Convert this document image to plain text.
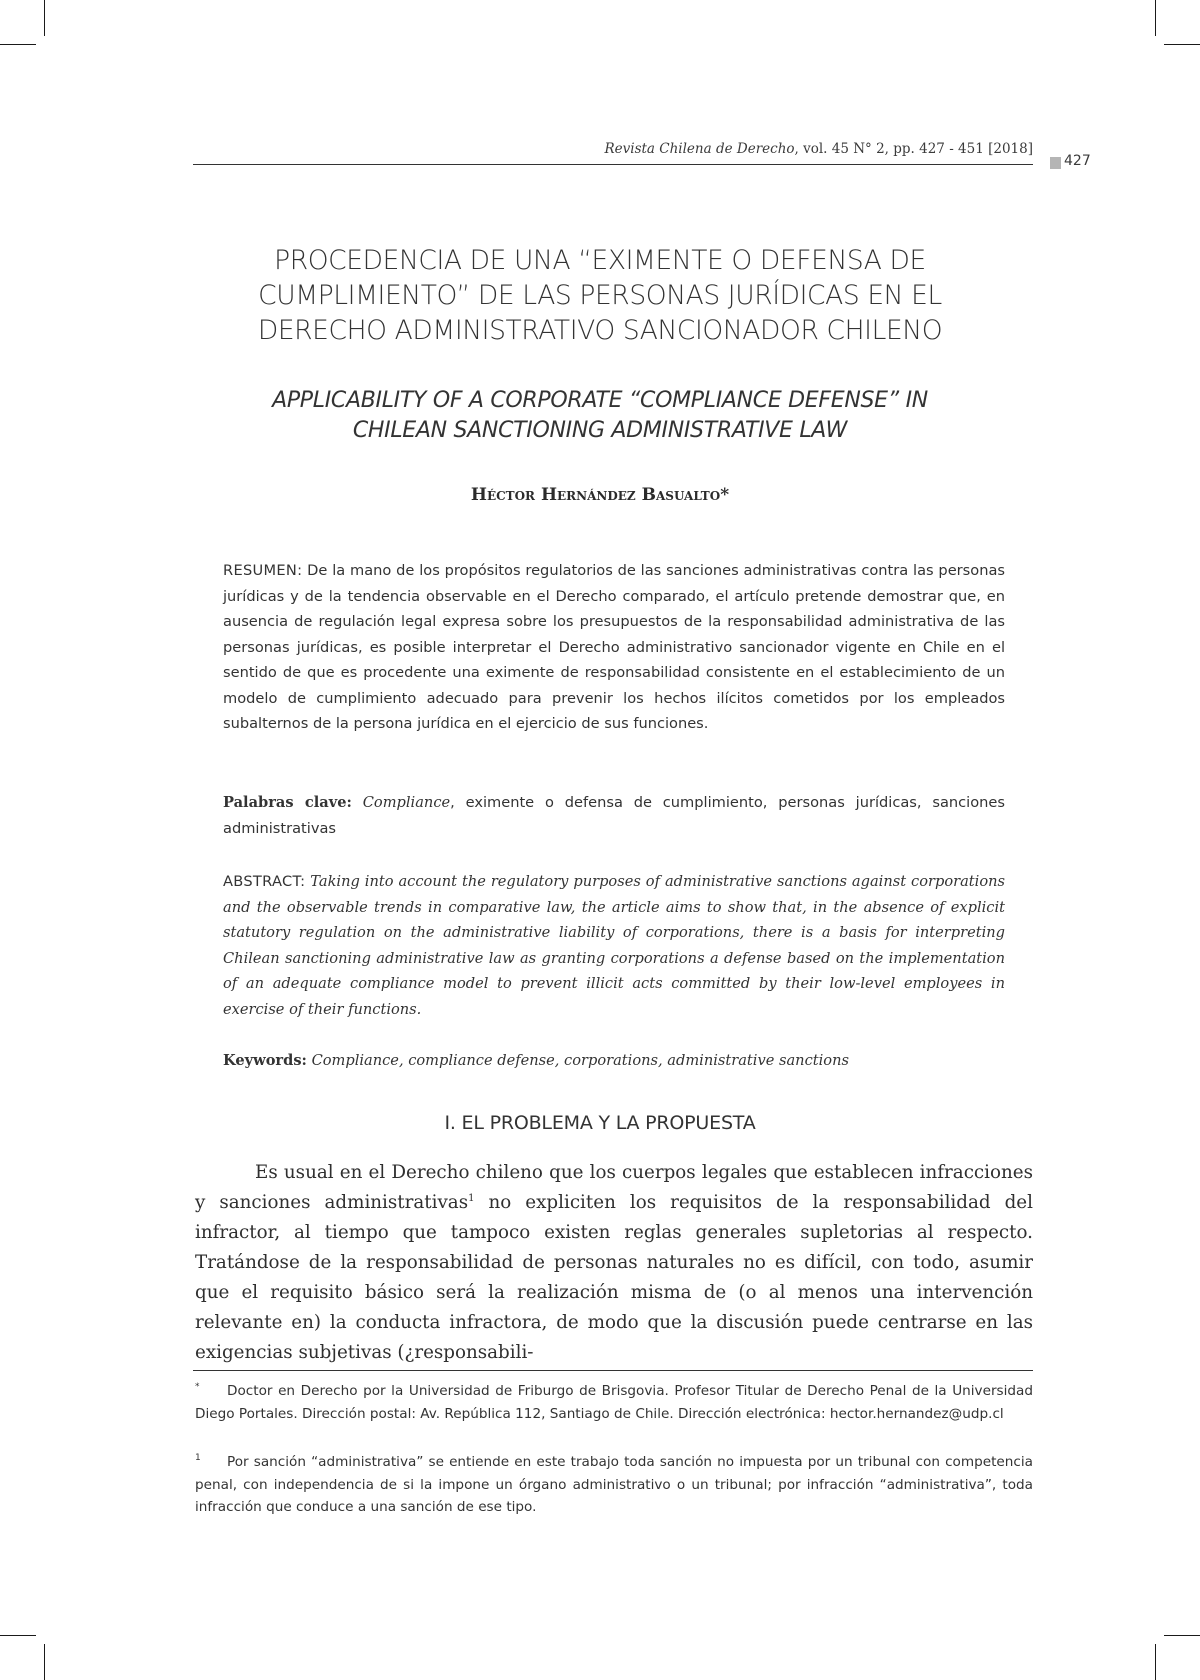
Revista Chilena de Derecho, vol. 45 N° 2, pp. 427 - 451 [2018]
427
PROCEDENCIA DE UNA “EXIMENTE O DEFENSA DE
CUMPLIMIENTO” DE LAS PERSONAS JURÍDICAS EN EL
DERECHO ADMINISTRATIVO SANCIONADOR CHILENO
APPLICABILITY OF A CORPORATE “COMPLIANCE DEFENSE” IN
CHILEAN SANCTIONING ADMINISTRATIVE LAW
Héctor Hernández Basualto*
RESUMEN: De la mano de los propósitos regulatorios de las sanciones administrativas contra las personas jurídicas y de la tendencia observable en el Derecho comparado, el artículo pretende demostrar que, en ausencia de regulación legal expresa sobre los presupuestos de la responsabilidad administrativa de las personas jurídicas, es posible interpretar el Derecho administrativo sancionador vigente en Chile en el sentido de que es procedente una eximente de responsabilidad consistente en el establecimiento de un modelo de cumplimiento adecuado para prevenir los hechos ilícitos cometidos por los empleados subalternos de la persona jurídica en el ejercicio de sus funciones.
Palabras clave: Compliance, eximente o defensa de cumplimiento, personas jurídicas, sanciones administrativas
ABSTRACT: Taking into account the regulatory purposes of administrative sanctions against corporations and the observable trends in comparative law, the article aims to show that, in the absence of explicit statutory regulation on the administrative liability of corporations, there is a basis for interpreting Chilean sanctioning administrative law as granting corporations a defense based on the implementation of an adequate compliance model to prevent illicit acts committed by their low-level employees in exercise of their functions.
Keywords: Compliance, compliance defense, corporations, administrative sanctions
I. EL PROBLEMA Y LA PROPUESTA
Es usual en el Derecho chileno que los cuerpos legales que establecen infracciones y sanciones administrativas$^1$ no expliciten los requisitos de la responsabilidad del infractor, al tiempo que tampoco existen reglas generales supletorias al respecto. Tratándose de la responsabilidad de personas naturales no es difícil, con todo, asumir que el requisito básico será la realización misma de (o al menos una intervención relevante en) la conducta infractora, de modo que la discusión puede centrarse en las exigencias subjetivas (¿responsabili-
* Doctor en Derecho por la Universidad de Friburgo de Brisgovia. Profesor Titular de Derecho Penal de la Universidad Diego Portales. Dirección postal: Av. República 112, Santiago de Chile. Dirección electrónica: hector.hernandez@udp.cl
1 Por sanción “administrativa” se entiende en este trabajo toda sanción no impuesta por un tribunal con competencia penal, con independencia de si la impone un órgano administrativo o un tribunal; por infracción “administrativa”, toda infracción que conduce a una sanción de ese tipo.
